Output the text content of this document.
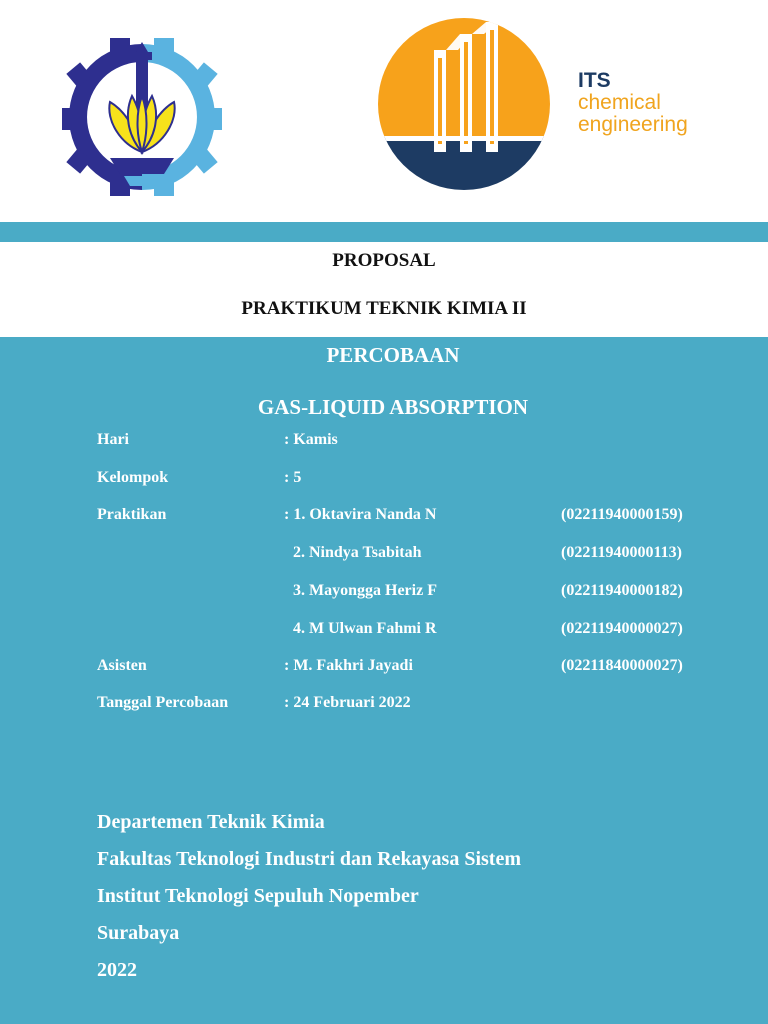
ITS
chemical
engineering
PROPOSAL
PRAKTIKUM TEKNIK KIMIA II
PERCOBAAN
GAS-LIQUID ABSORPTION
Hari	: Kamis
Kelompok	: 5
Praktikan	: 1. Oktavira Nanda N	(02211940000159)
2. Nindya Tsabitah	(02211940000113)
3. Mayongga Heriz F	(02211940000182)
4. M Ulwan Fahmi R	(02211940000027)
Asisten	: M. Fakhri Jayadi	(02211840000027)
Tanggal Percobaan	: 24 Februari 2022
Departemen Teknik Kimia
Fakultas Teknologi Industri dan Rekayasa Sistem
Institut Teknologi Sepuluh Nopember
Surabaya
2022
